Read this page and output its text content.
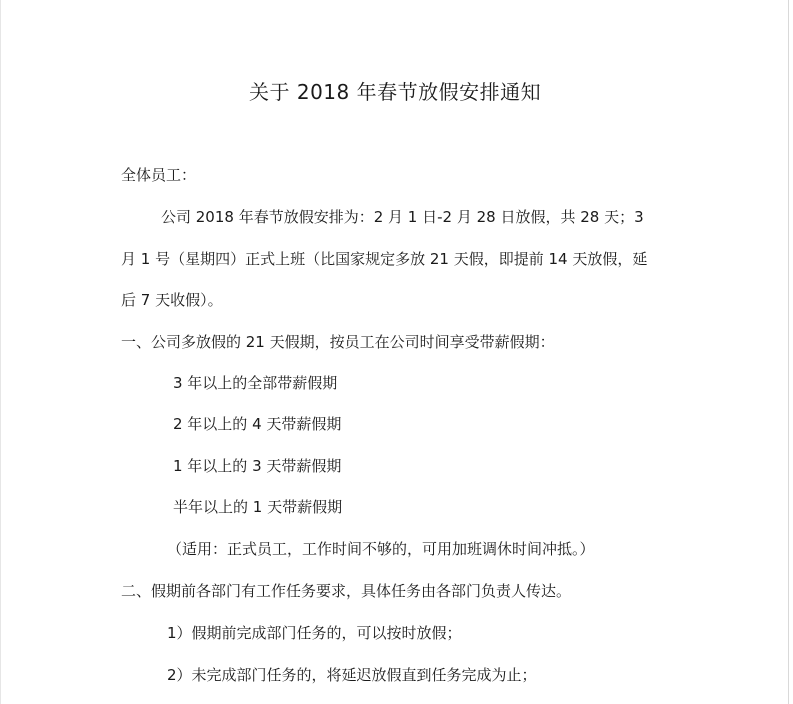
关于 2018 年春节放假安排通知
全体员工：
公司 2018 年春节放假安排为：2 月 1 日-2 月 28 日放假，共 28 天；3
月 1 号（星期四）正式上班（比国家规定多放 21 天假，即提前 14 天放假，延
后 7 天收假）。
一、公司多放假的 21 天假期，按员工在公司时间享受带薪假期：
3 年以上的全部带薪假期
2 年以上的 4 天带薪假期
1 年以上的 3 天带薪假期
半年以上的 1 天带薪假期
（适用：正式员工，工作时间不够的，可用加班调休时间冲抵。）
二、假期前各部门有工作任务要求，具体任务由各部门负责人传达。
1）假期前完成部门任务的，可以按时放假；
2）未完成部门任务的，将延迟放假直到任务完成为止；
